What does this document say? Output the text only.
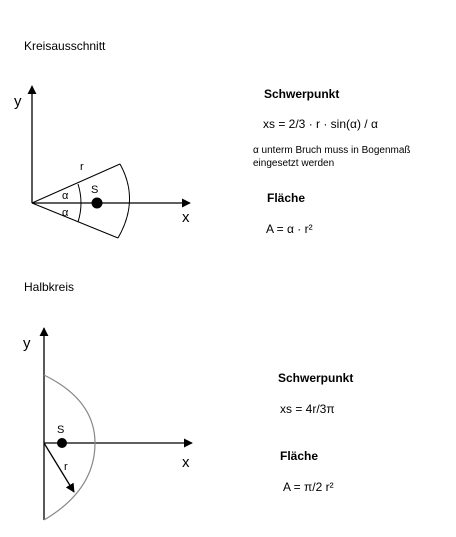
Kreisausschnitt
y
x
r
α
α
S
y
x
r
S
Schwerpunkt
xs = 2/3 · r · sin(α) / α
α unterm Bruch muss in Bogenmaß eingesetzt werden
Fläche
A = α · r²
Halbkreis
Schwerpunkt
xs = 4r/3π
Fläche
A = π/2 r²
